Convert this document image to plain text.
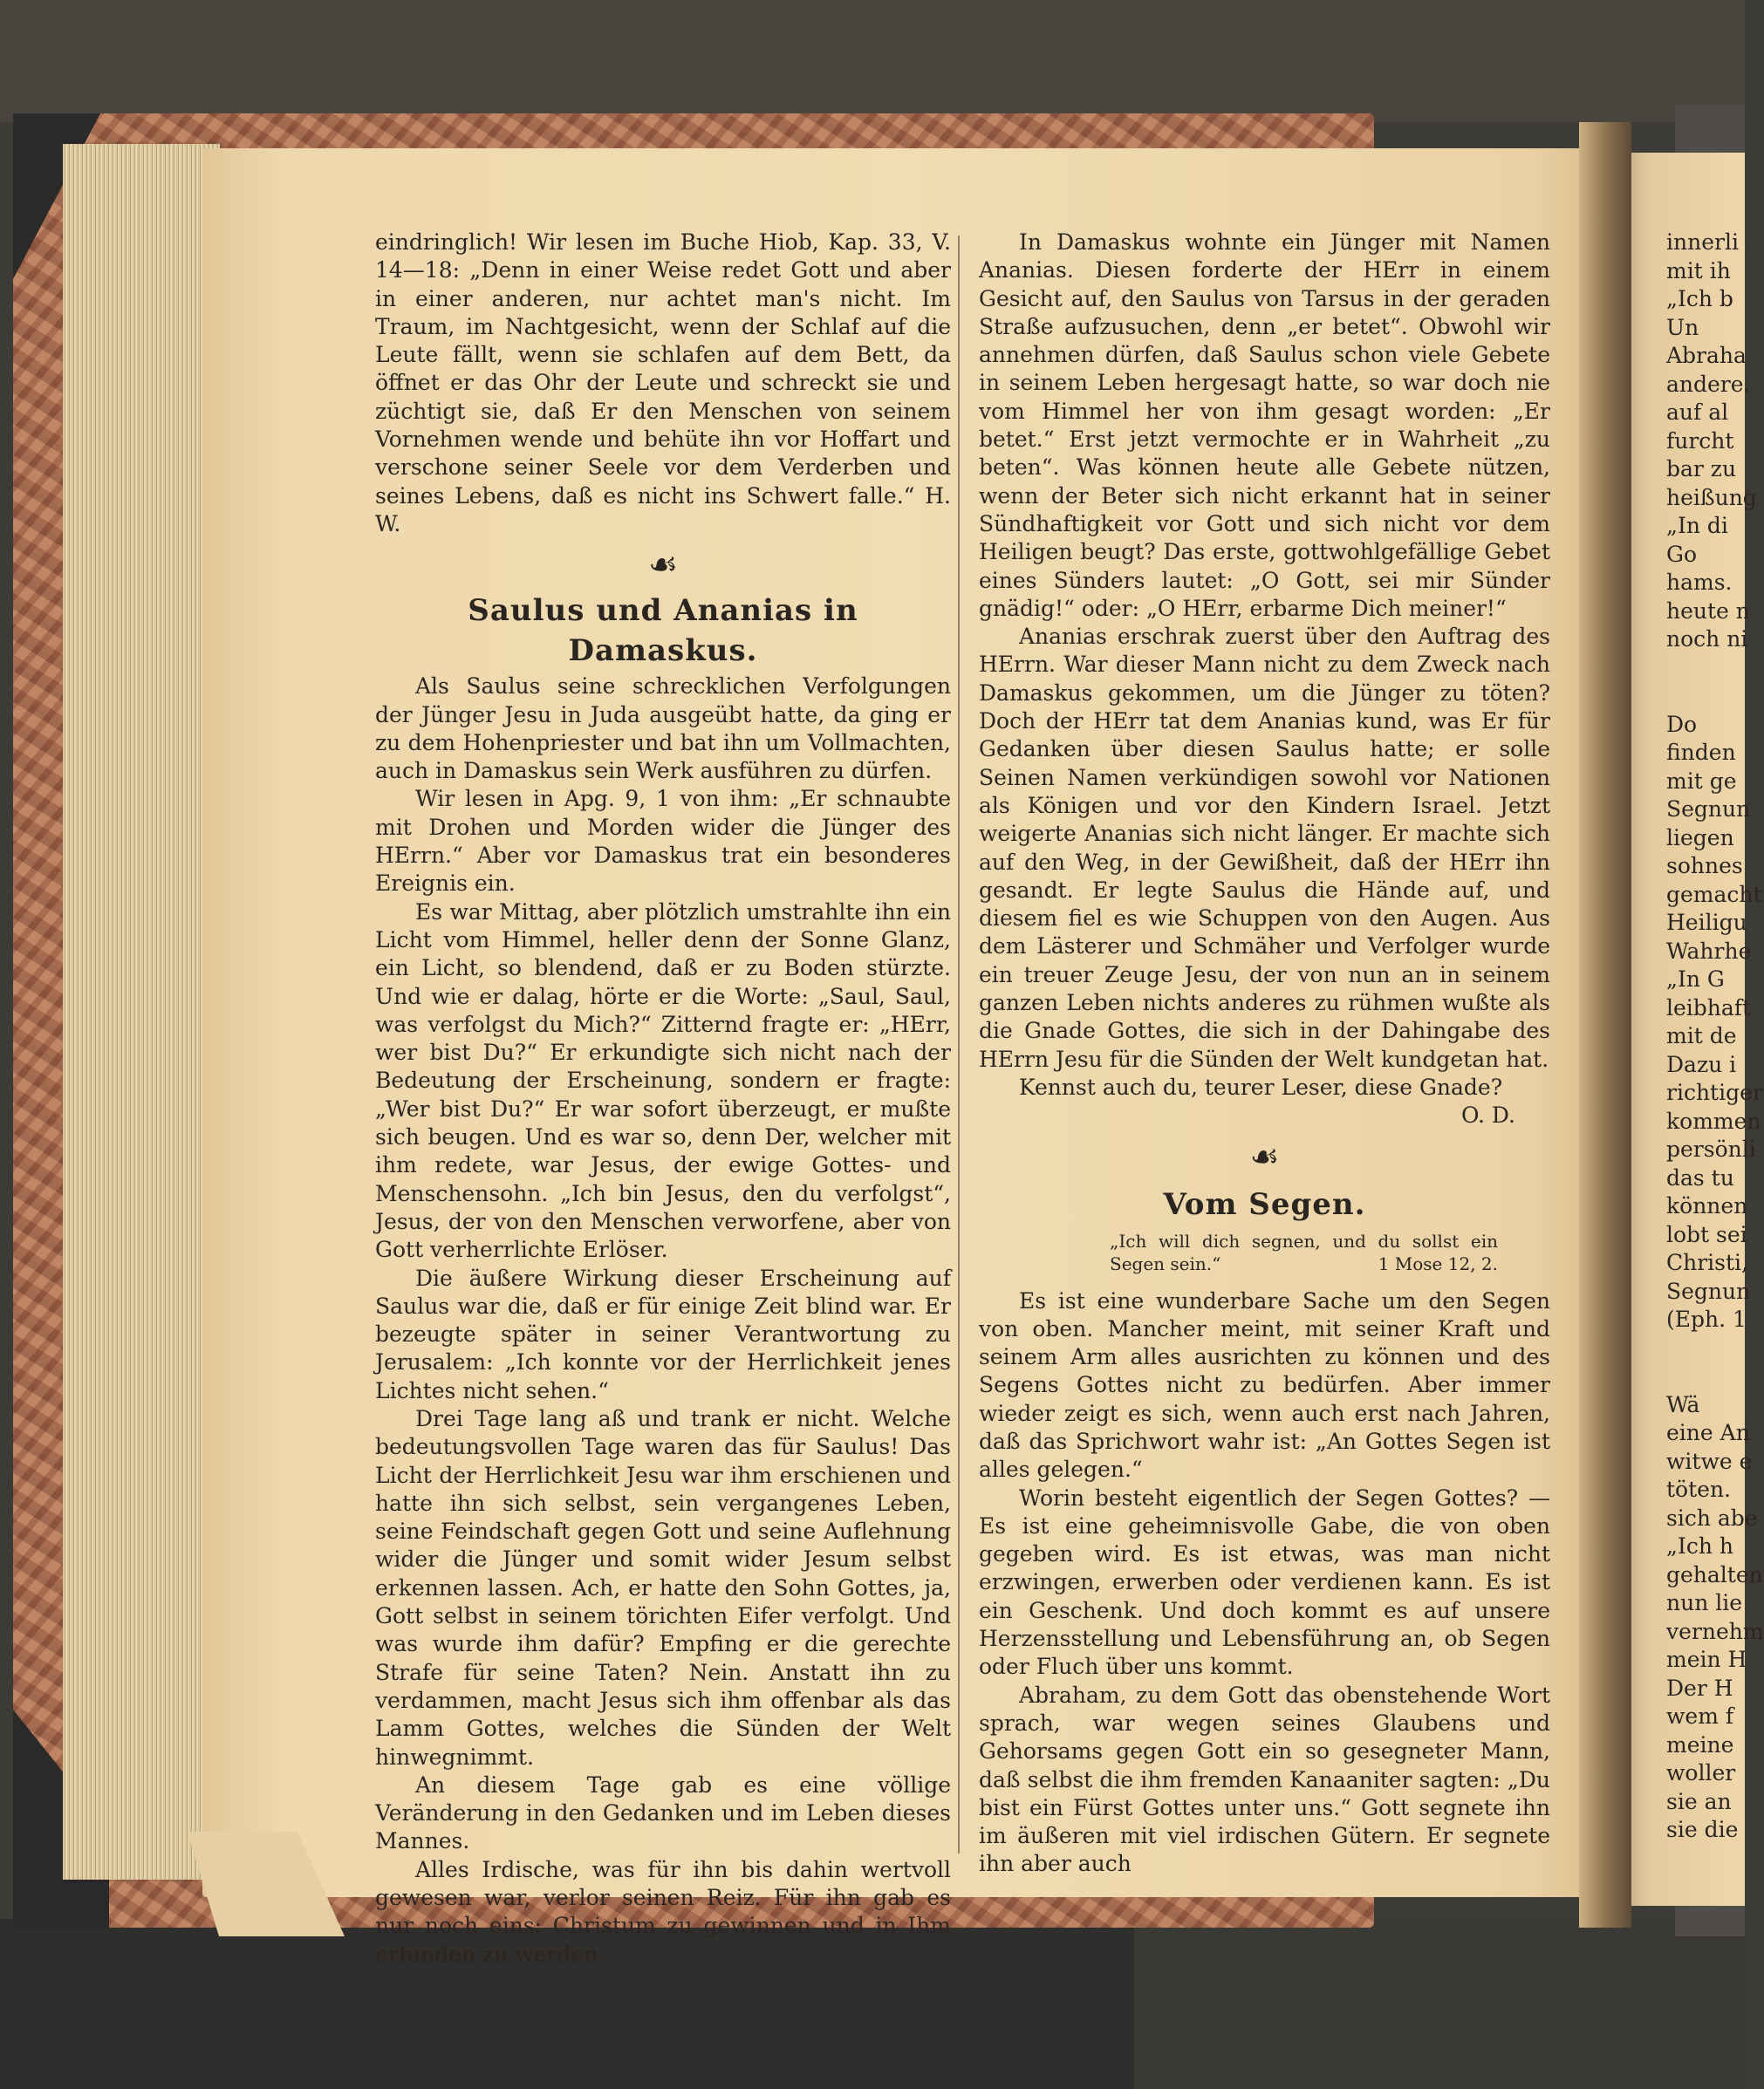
eindringlich! Wir lesen im Buche Hiob, Kap. 33, V. 14—18: „Denn in einer Weise redet Gott und aber in einer anderen, nur achtet man's nicht. Im Traum, im Nachtgesicht, wenn der Schlaf auf die Leute fällt, wenn sie schlafen auf dem Bett, da öffnet er das Ohr der Leute und schreckt sie und züchtigt sie, daß Er den Menschen von seinem Vornehmen wende und behüte ihn vor Hoffart und verschone seiner Seele vor dem Verderben und seines Lebens, daß es nicht ins Schwert falle.“ H. W.

☙
Saulus und Ananias in Damaskus.

Als Saulus seine schrecklichen Verfolgungen der Jünger Jesu in Juda ausgeübt hatte, da ging er zu dem Hohenpriester und bat ihn um Vollmachten, auch in Damaskus sein Werk ausführen zu dürfen.

Wir lesen in Apg. 9, 1 von ihm: „Er schnaubte mit Drohen und Morden wider die Jünger des HErrn.“ Aber vor Damaskus trat ein besonderes Ereignis ein.

Es war Mittag, aber plötzlich umstrahlte ihn ein Licht vom Himmel, heller denn der Sonne Glanz, ein Licht, so blendend, daß er zu Boden stürzte. Und wie er dalag, hörte er die Worte: „Saul, Saul, was verfolgst du Mich?“ Zitternd fragte er: „HErr, wer bist Du?“ Er erkundigte sich nicht nach der Bedeutung der Erscheinung, sondern er fragte: „Wer bist Du?“ Er war sofort überzeugt, er mußte sich beugen. Und es war so, denn Der, welcher mit ihm redete, war Jesus, der ewige Gottes- und Menschensohn. „Ich bin Jesus, den du verfolgst“, Jesus, der von den Menschen verworfene, aber von Gott verherrlichte Erlöser.

Die äußere Wirkung dieser Erscheinung auf Saulus war die, daß er für einige Zeit blind war. Er bezeugte später in seiner Verantwortung zu Jerusalem: „Ich konnte vor der Herrlichkeit jenes Lichtes nicht sehen.“

Drei Tage lang aß und trank er nicht. Welche bedeutungsvollen Tage waren das für Saulus! Das Licht der Herrlichkeit Jesu war ihm erschienen und hatte ihn sich selbst, sein vergangenes Leben, seine Feindschaft gegen Gott und seine Auflehnung wider die Jünger und somit wider Jesum selbst erkennen lassen. Ach, er hatte den Sohn Gottes, ja, Gott selbst in seinem törichten Eifer verfolgt. Und was wurde ihm dafür? Empfing er die gerechte Strafe für seine Taten? Nein. Anstatt ihn zu verdammen, macht Jesus sich ihm offenbar als das Lamm Gottes, welches die Sünden der Welt hinwegnimmt.

An diesem Tage gab es eine völlige Veränderung in den Gedanken und im Leben dieses Mannes.

Alles Irdische, was für ihn bis dahin wertvoll gewesen war, verlor seinen Reiz. Für ihn gab es nur noch eins: Christum zu gewinnen und in Ihm erfunden zu werden

In Damaskus wohnte ein Jünger mit Namen Ananias. Diesen forderte der HErr in einem Gesicht auf, den Saulus von Tarsus in der geraden Straße aufzusuchen, denn „er betet“. Obwohl wir annehmen dürfen, daß Saulus schon viele Gebete in seinem Leben hergesagt hatte, so war doch nie vom Himmel her von ihm gesagt worden: „Er betet.“ Erst jetzt vermochte er in Wahrheit „zu beten“. Was können heute alle Gebete nützen, wenn der Beter sich nicht erkannt hat in seiner Sündhaftigkeit vor Gott und sich nicht vor dem Heiligen beugt? Das erste, gottwohlgefällige Gebet eines Sünders lautet: „O Gott, sei mir Sünder gnädig!“ oder: „O HErr, erbarme Dich meiner!“

Ananias erschrak zuerst über den Auftrag des HErrn. War dieser Mann nicht zu dem Zweck nach Damaskus gekommen, um die Jünger zu töten? Doch der HErr tat dem Ananias kund, was Er für Gedanken über diesen Saulus hatte; er solle Seinen Namen verkündigen sowohl vor Nationen als Königen und vor den Kindern Israel. Jetzt weigerte Ananias sich nicht länger. Er machte sich auf den Weg, in der Gewißheit, daß der HErr ihn gesandt. Er legte Saulus die Hände auf, und diesem fiel es wie Schuppen von den Augen. Aus dem Lästerer und Schmäher und Verfolger wurde ein treuer Zeuge Jesu, der von nun an in seinem ganzen Leben nichts anderes zu rühmen wußte als die Gnade Gottes, die sich in der Dahingabe des HErrn Jesu für die Sünden der Welt kundgetan hat.

Kennst auch du, teurer Leser, diese Gnade?

O. D.

☙
Vom Segen.
„Ich will dich segnen, und du sollst ein Segen sein.“	1 Mose 12, 2.

Es ist eine wunderbare Sache um den Segen von oben. Mancher meint, mit seiner Kraft und seinem Arm alles ausrichten zu können und des Segens Gottes nicht zu bedürfen. Aber immer wieder zeigt es sich, wenn auch erst nach Jahren, daß das Sprichwort wahr ist: „An Gottes Segen ist alles gelegen.“

Worin besteht eigentlich der Segen Gottes? — Es ist eine geheimnisvolle Gabe, die von oben gegeben wird. Es ist etwas, was man nicht erzwingen, erwerben oder verdienen kann. Es ist ein Geschenk. Und doch kommt es auf unsere Herzensstellung und Lebensführung an, ob Segen oder Fluch über uns kommt.

Abraham, zu dem Gott das obenstehende Wort sprach, war wegen seines Glaubens und Gehorsams gegen Gott ein so gesegneter Mann, daß selbst die ihm fremden Kanaaniter sagten: „Du bist ein Fürst Gottes unter uns.“ Gott segnete ihn im äußeren mit viel irdischen Gütern. Er segnete ihn aber auch

innerli
mit ih
„Ich b
Un
Abraha
andere.
auf al
furcht
bar zu
heißung
„In di
Go
hams.
heute n
noch ni
Do
finden
mit ge
Segnun
liegen
sohnes
gemacht
Heiligu
Wahrhe
„In G
leibhaft
mit de
Dazu i
richtiger
kommen
persönli
das tu
können
lobt sei
Christi,
Segnun
(Eph. 1
Wä
eine An
witwe e
töten.
sich abe
„Ich h
gehalten
nun lie
vernehm
mein H
Der H
wem f
meine
woller
sie an
sie die
